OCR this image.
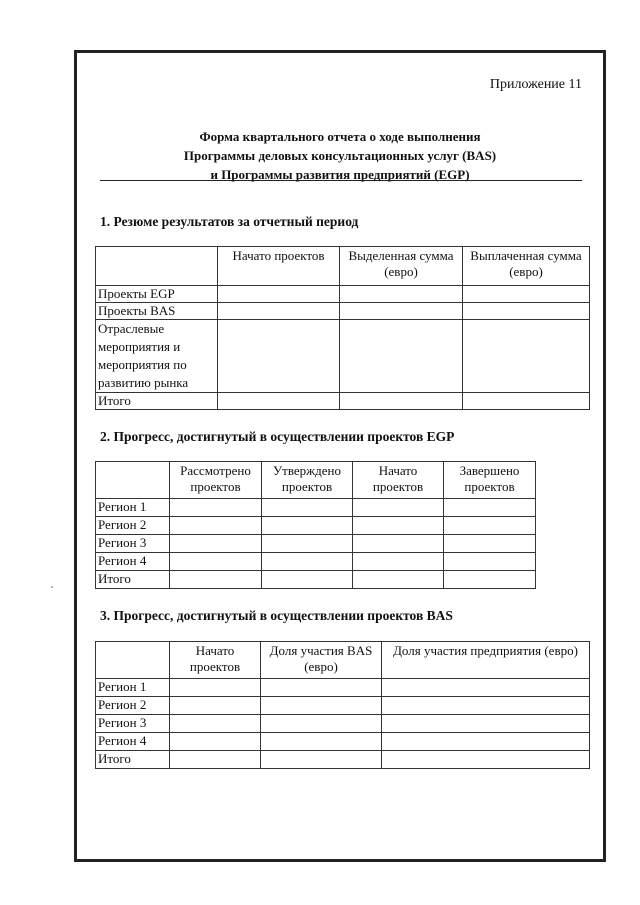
Приложение 11
Форма квартального отчета о ходе выполнения
Программы деловых консультационных услуг (BAS)
и Программы развития предприятий (EGP)
1. Резюме результатов за отчетный период
	Начато проектов	Выделенная сумма (евро)	Выплаченная сумма (евро)
Проекты EGP			
Проекты BAS			
Отраслевые мероприятия и мероприятия по развитию рынка			
Итого			
2. Прогресс, достигнутый в осуществлении проектов EGP
	Рассмотрено проектов	Утверждено проектов	Начато проектов	Завершено проектов
Регион 1				
Регион 2				
Регион 3				
Регион 4				
Итого				
3. Прогресс, достигнутый в осуществлении проектов BAS
	Начато проектов	Доля участия BAS (евро)	Доля участия предприятия (евро)
Регион 1			
Регион 2			
Регион 3			
Регион 4			
Итого			
